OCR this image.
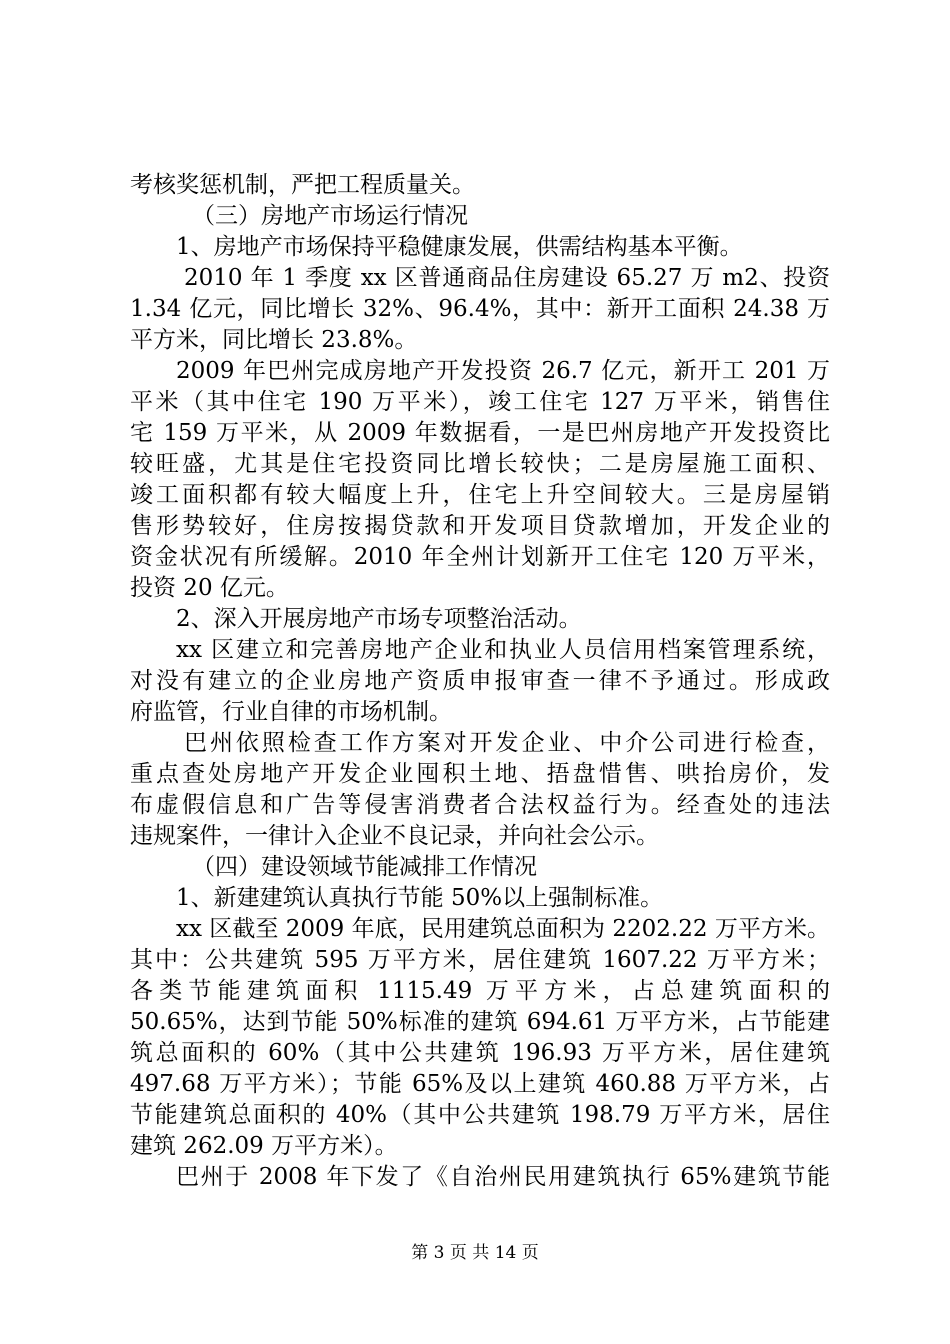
考核奖惩机制，严把工程质量关。
（三）房地产市场运行情况
1、房地产市场保持平稳健康发展，供需结构基本平衡。
2010 年 1 季度 xx 区普通商品住房建设 65.27 万 m2、投资
1.34 亿元，同比增长 32%、96.4%，其中：新开工面积 24.38 万
平方米，同比增长 23.8%。
2009 年巴州完成房地产开发投资 26.7 亿元，新开工 201 万
平米（其中住宅 190 万平米），竣工住宅 127 万平米，销售住
宅 159 万平米，从 2009 年数据看，一是巴州房地产开发投资比
较旺盛，尤其是住宅投资同比增长较快；二是房屋施工面积、
竣工面积都有较大幅度上升，住宅上升空间较大。三是房屋销
售形势较好，住房按揭贷款和开发项目贷款增加，开发企业的
资金状况有所缓解。2010 年全州计划新开工住宅 120 万平米，
投资 20 亿元。
2、深入开展房地产市场专项整治活动。
xx 区建立和完善房地产企业和执业人员信用档案管理系统，
对没有建立的企业房地产资质申报审查一律不予通过。形成政
府监管，行业自律的市场机制。
巴州依照检查工作方案对开发企业、中介公司进行检查，
重点查处房地产开发企业囤积土地、捂盘惜售、哄抬房价，发
布虚假信息和广告等侵害消费者合法权益行为。经查处的违法
违规案件，一律计入企业不良记录，并向社会公示。
（四）建设领域节能减排工作情况
1、新建建筑认真执行节能 50%以上强制标准。
xx 区截至 2009 年底，民用建筑总面积为 2202.22 万平方米。
其中：公共建筑 595 万平方米，居住建筑 1607.22 万平方米；
各类节能建筑面积 1115.49 万平方米，占总建筑面积的
50.65%，达到节能 50%标准的建筑 694.61 万平方米，占节能建
筑总面积的 60%（其中公共建筑 196.93 万平方米，居住建筑
497.68 万平方米）；节能 65%及以上建筑 460.88 万平方米，占
节能建筑总面积的 40%（其中公共建筑 198.79 万平方米，居住
建筑 262.09 万平方米）。
巴州于 2008 年下发了《自治州民用建筑执行 65%建筑节能
第 3 页 共 14 页
